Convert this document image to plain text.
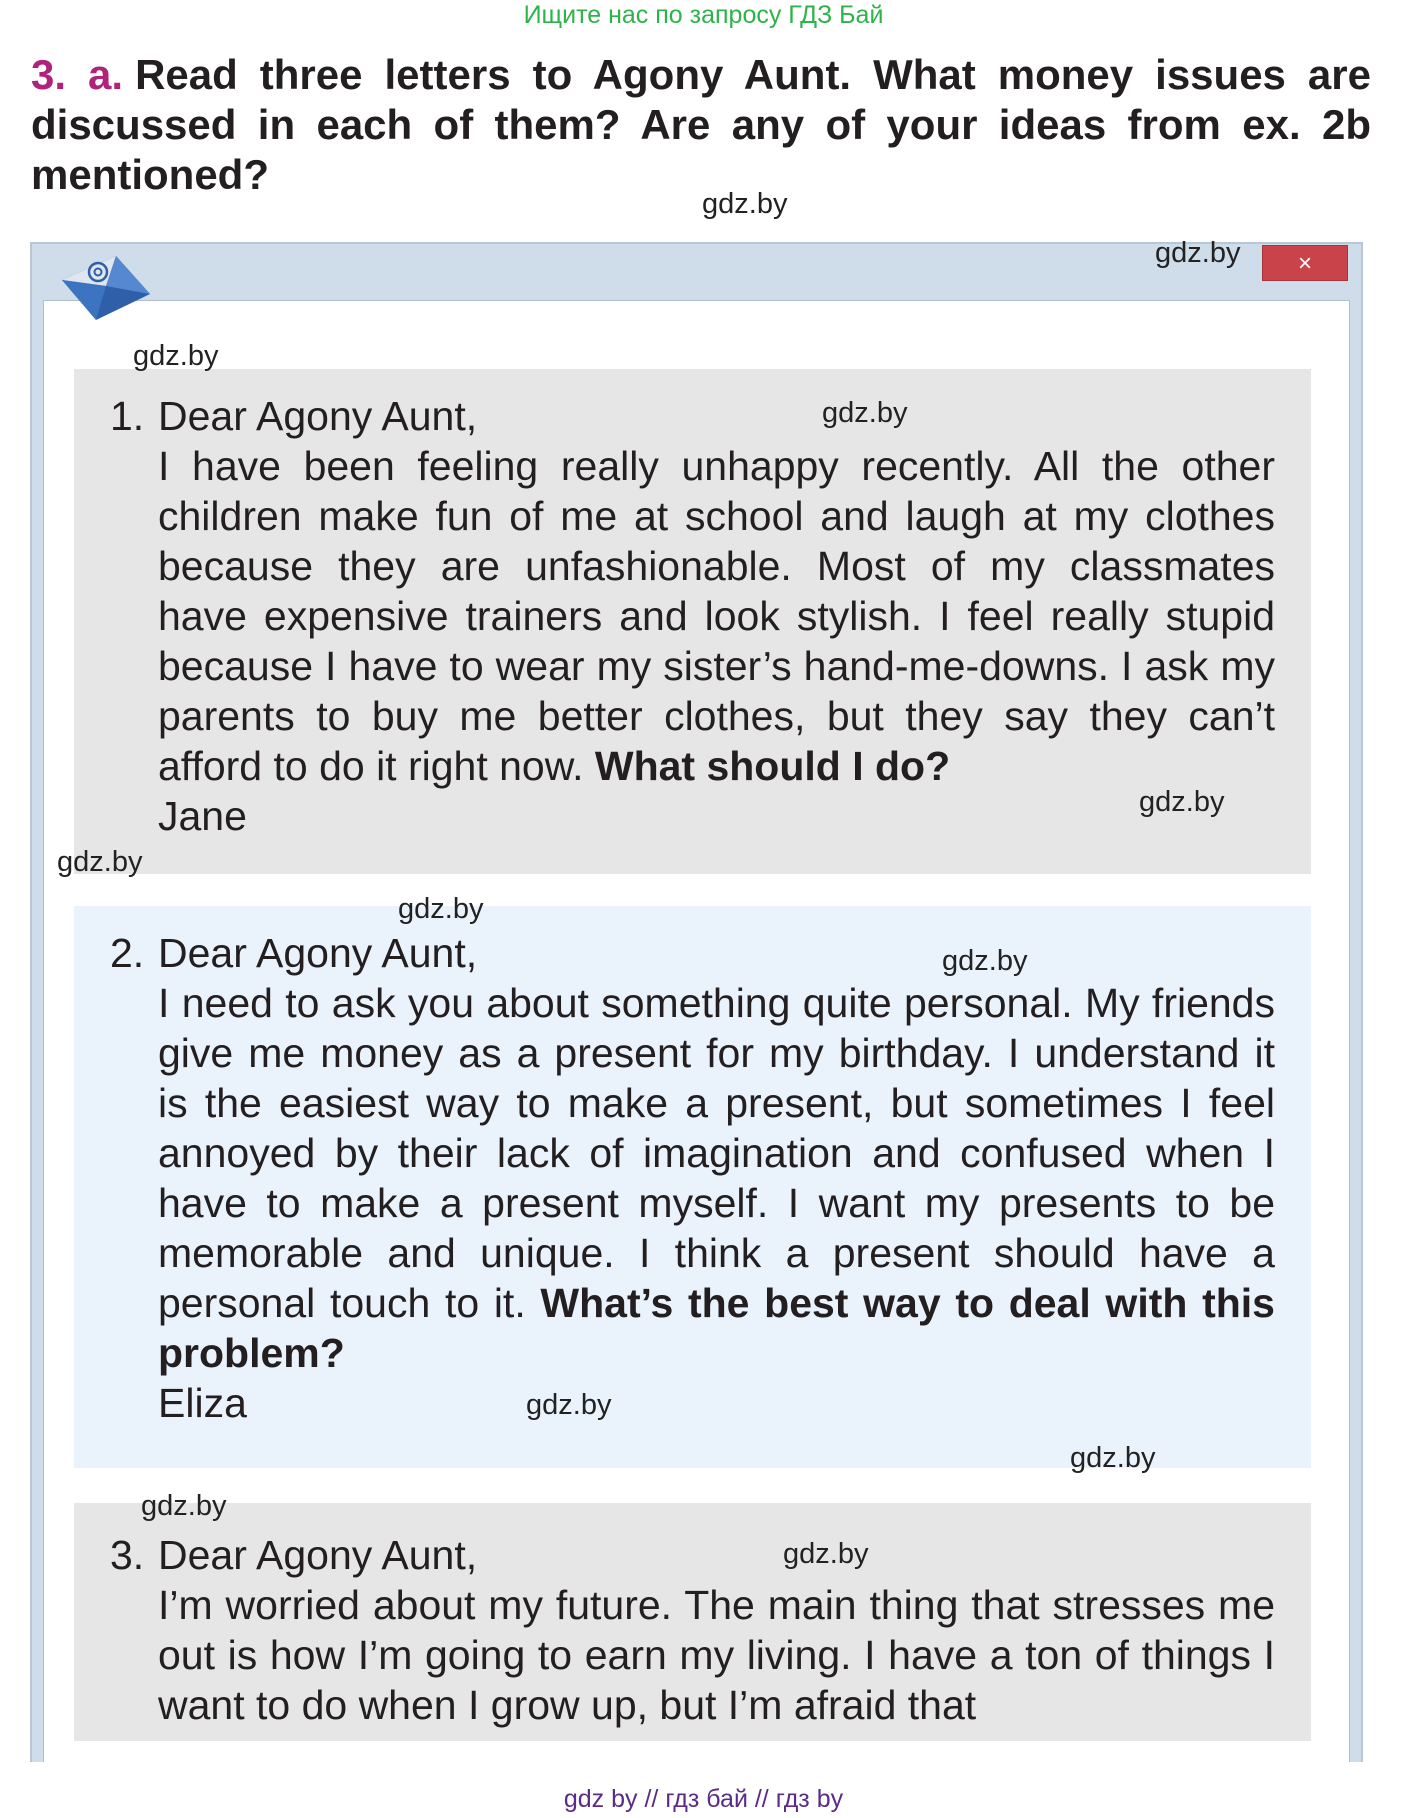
Ищите нас по запросу ГДЗ Бай
3. a. Read three letters to Agony Aunt. What money issues are discussed in each of them? Are any of your ideas from ex. 2b mentioned?
×
1. Dear Agony Aunt,
I have been feeling really unhappy recently. All the other children make fun of me at school and laugh at my clothes because they are unfashionable. Most of my classmates have expensive trainers and look stylish. I feel really stupid because I have to wear my sister’s hand-me-downs. I ask my parents to buy me better clothes, but they say they can’t afford to do it right now. What should I do?
Jane
2. Dear Agony Aunt,
I need to ask you about something quite personal. My friends give me money as a present for my birthday. I understand it is the easiest way to make a present, but sometimes I feel annoyed by their lack of imagination and confused when I have to make a present myself. I want my presents to be memorable and unique. I think a present should have a personal touch to it. What’s the best way to deal with this problem?
Eliza
3. Dear Agony Aunt,
I’m worried about my future. The main thing that stresses me out is how I’m going to earn my living. I have a ton of things I want to do when I grow up, but I’m afraid that
gdz.by
gdz.by
gdz.by
gdz.by
gdz.by
gdz.by
gdz.by
gdz.by
gdz.by
gdz.by
gdz.by
gdz.by
gdz by // гдз бай // гдз by
